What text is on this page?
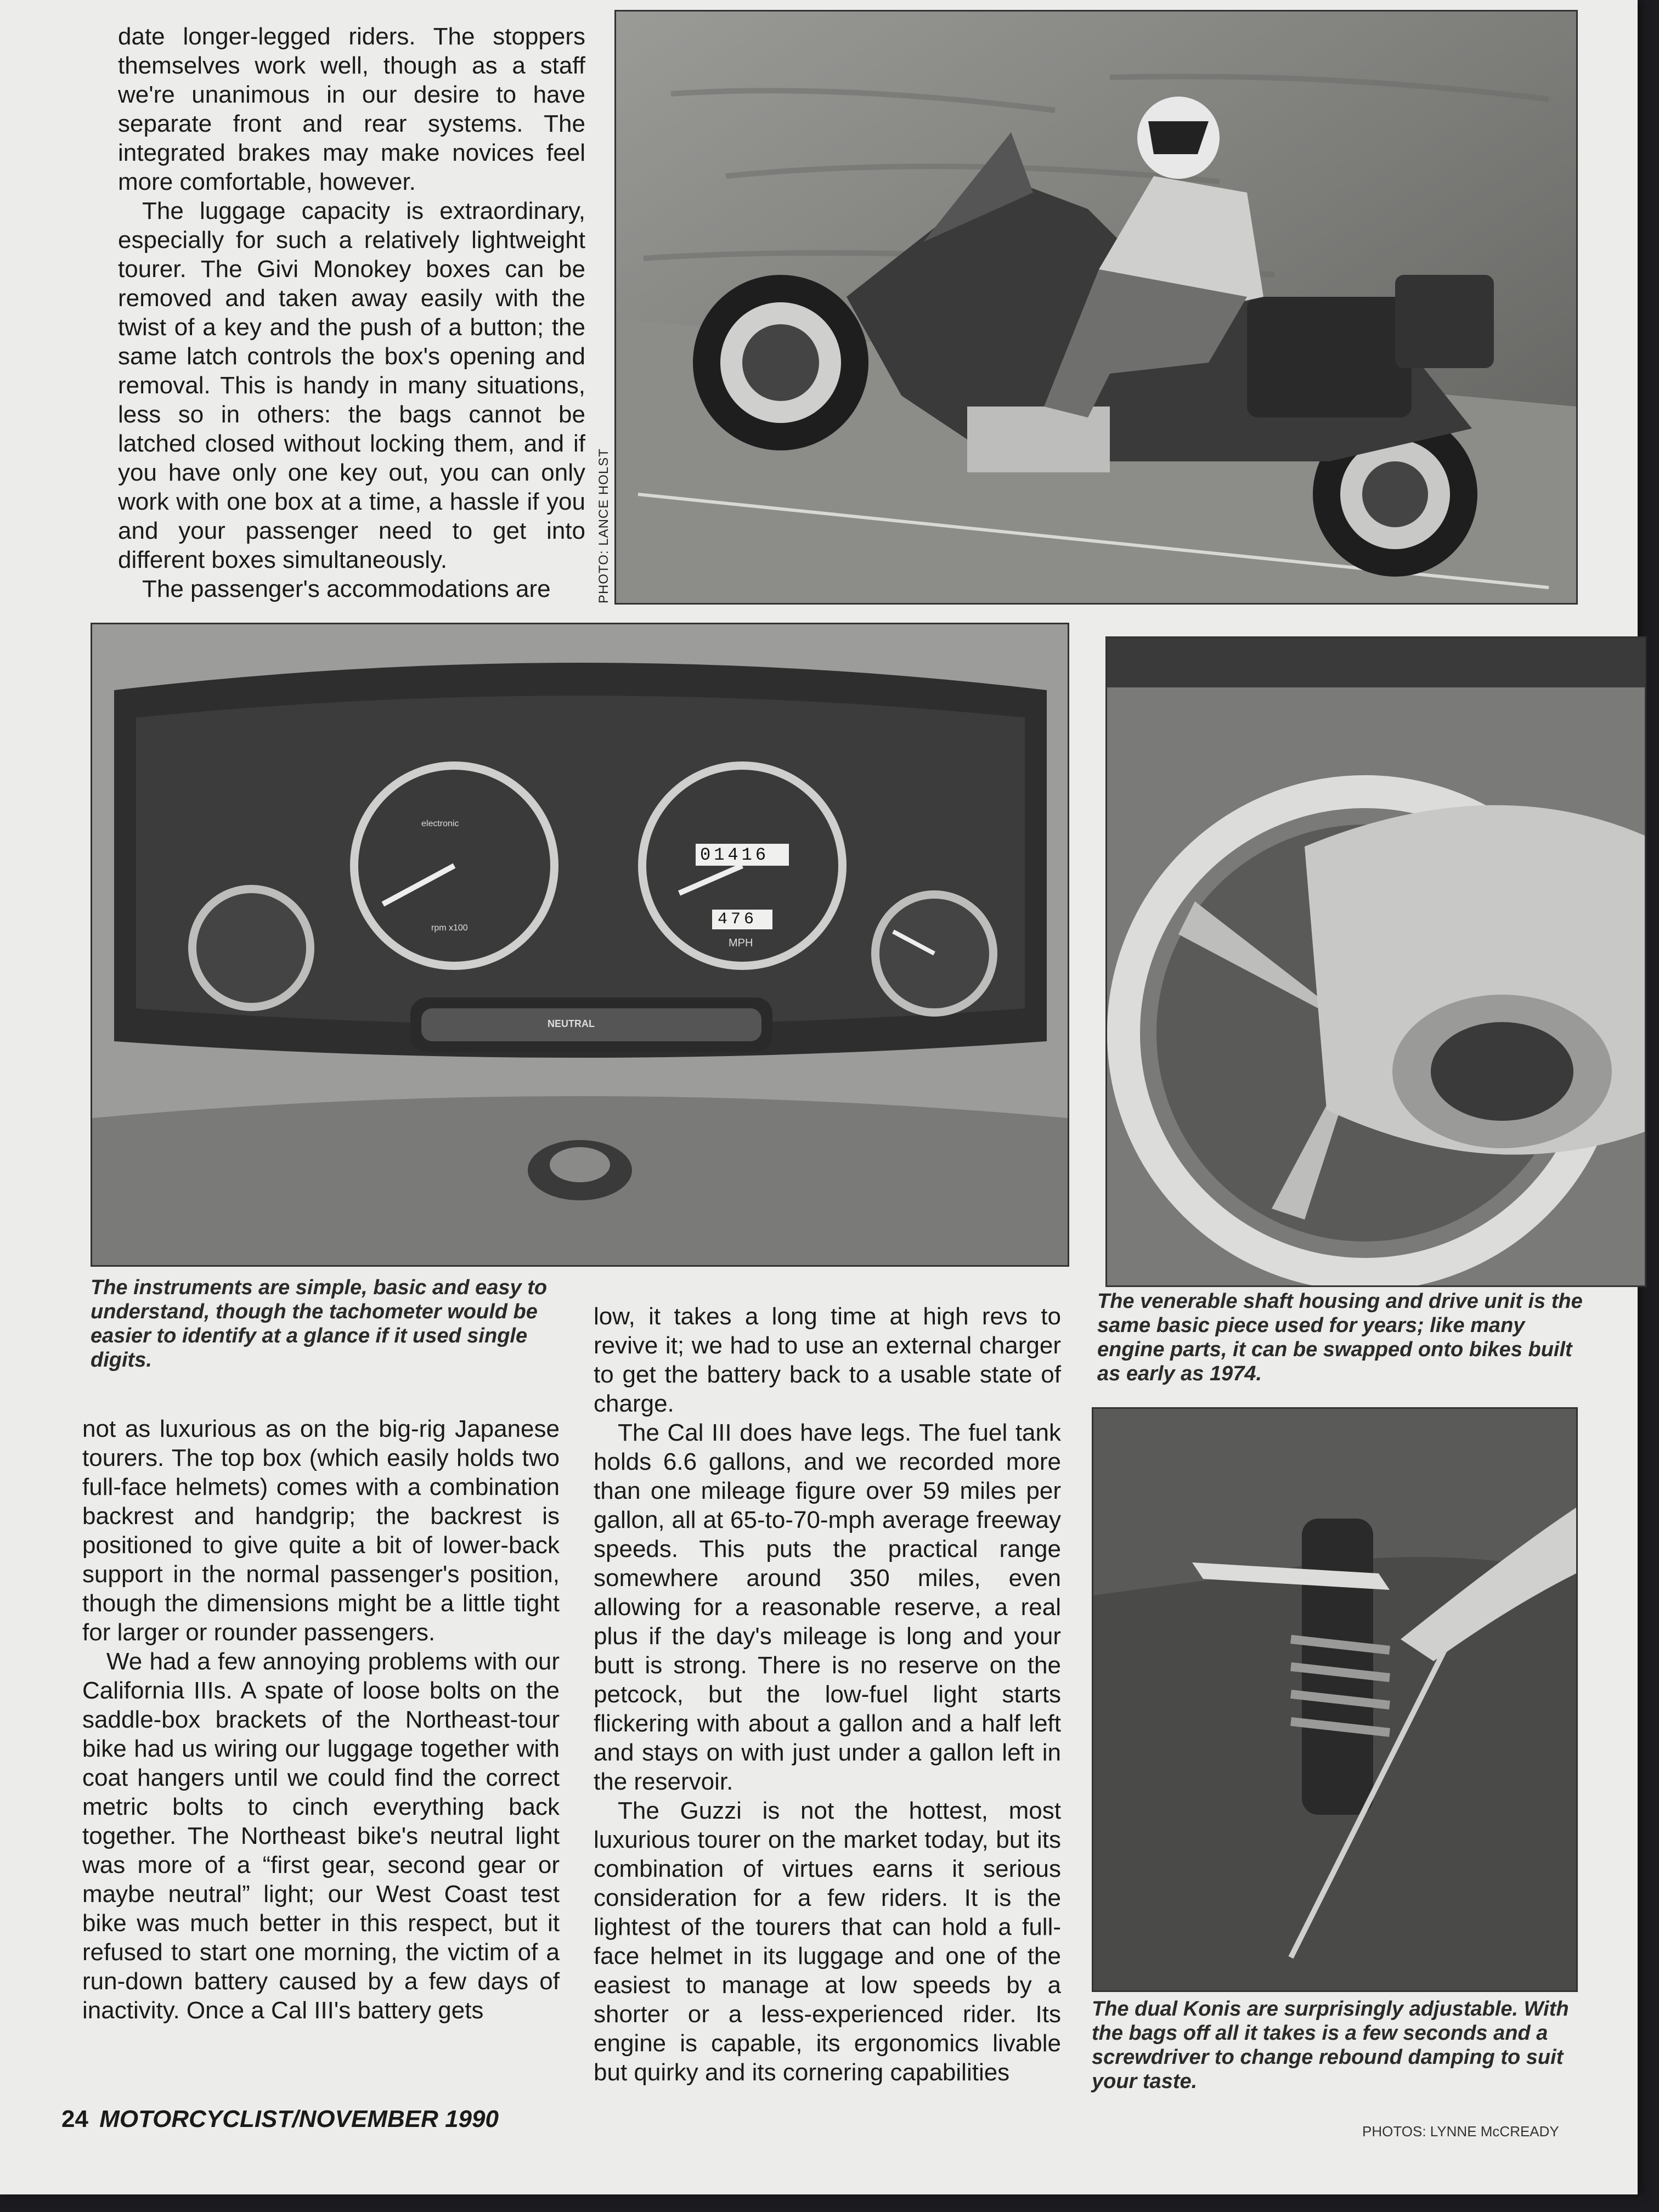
date longer-legged riders. The stoppers themselves work well, though as a staff we're unanimous in our desire to have separate front and rear systems. The integrated brakes may make novices feel more comfortable, however.

The luggage capacity is extraordinary, especially for such a relatively lightweight tourer. The Givi Monokey boxes can be removed and taken away easily with the twist of a key and the push of a button; the same latch controls the box's opening and removal. This is handy in many situations, less so in others: the bags cannot be latched closed without locking them, and if you have only one key out, you can only work with one box at a time, a hassle if you and your passenger need to get into different boxes simultaneously.

The passenger's accommodations are	PHOTO: LANCE HOLST
electronic
rpm x100
01416
476
MPH
NEUTRAL

The instruments are simple, basic and easy to understand, though the tachometer would be easier to identify at a glance if it used single digits.

The venerable shaft housing and drive unit is the same basic piece used for years; like many engine parts, it can be swapped onto bikes built as early as 1974.

not as luxurious as on the big-rig Japanese tourers. The top box (which easily holds two full-face helmets) comes with a combination backrest and handgrip; the backrest is positioned to give quite a bit of lower-back support in the normal passenger's position, though the dimensions might be a little tight for larger or rounder passengers.

We had a few annoying problems with our California IIIs. A spate of loose bolts on the saddle-box brackets of the Northeast-tour bike had us wiring our luggage together with coat hangers until we could find the correct metric bolts to cinch everything back together. The Northeast bike's neutral light was more of a “first gear, second gear or maybe neutral” light; our West Coast test bike was much better in this respect, but it refused to start one morning, the victim of a run-down battery caused by a few days of inactivity. Once a Cal III's battery gets

low, it takes a long time at high revs to revive it; we had to use an external charger to get the battery back to a usable state of charge.

The Cal III does have legs. The fuel tank holds 6.6 gallons, and we recorded more than one mileage figure over 59 miles per gallon, all at 65-to-70-mph average freeway speeds. This puts the practical range somewhere around 350 miles, even allowing for a reasonable reserve, a real plus if the day's mileage is long and your butt is strong. There is no reserve on the petcock, but the low-fuel light starts flickering with about a gallon and a half left and stays on with just under a gallon left in the reservoir.

The Guzzi is not the hottest, most luxurious tourer on the market today, but its combination of virtues earns it serious consideration for a few riders. It is the lightest of the tourers that can hold a full-face helmet in its luggage and one of the easiest to manage at low speeds by a shorter or a less-experienced rider. Its engine is capable, its ergonomics livable but quirky and its cornering capabilities

The dual Konis are surprisingly adjustable. With the bags off all it takes is a few seconds and a screwdriver to change rebound damping to suit your taste.

24 MOTORCYCLIST/NOVEMBER 1990	PHOTOS: LYNNE McCREADY
